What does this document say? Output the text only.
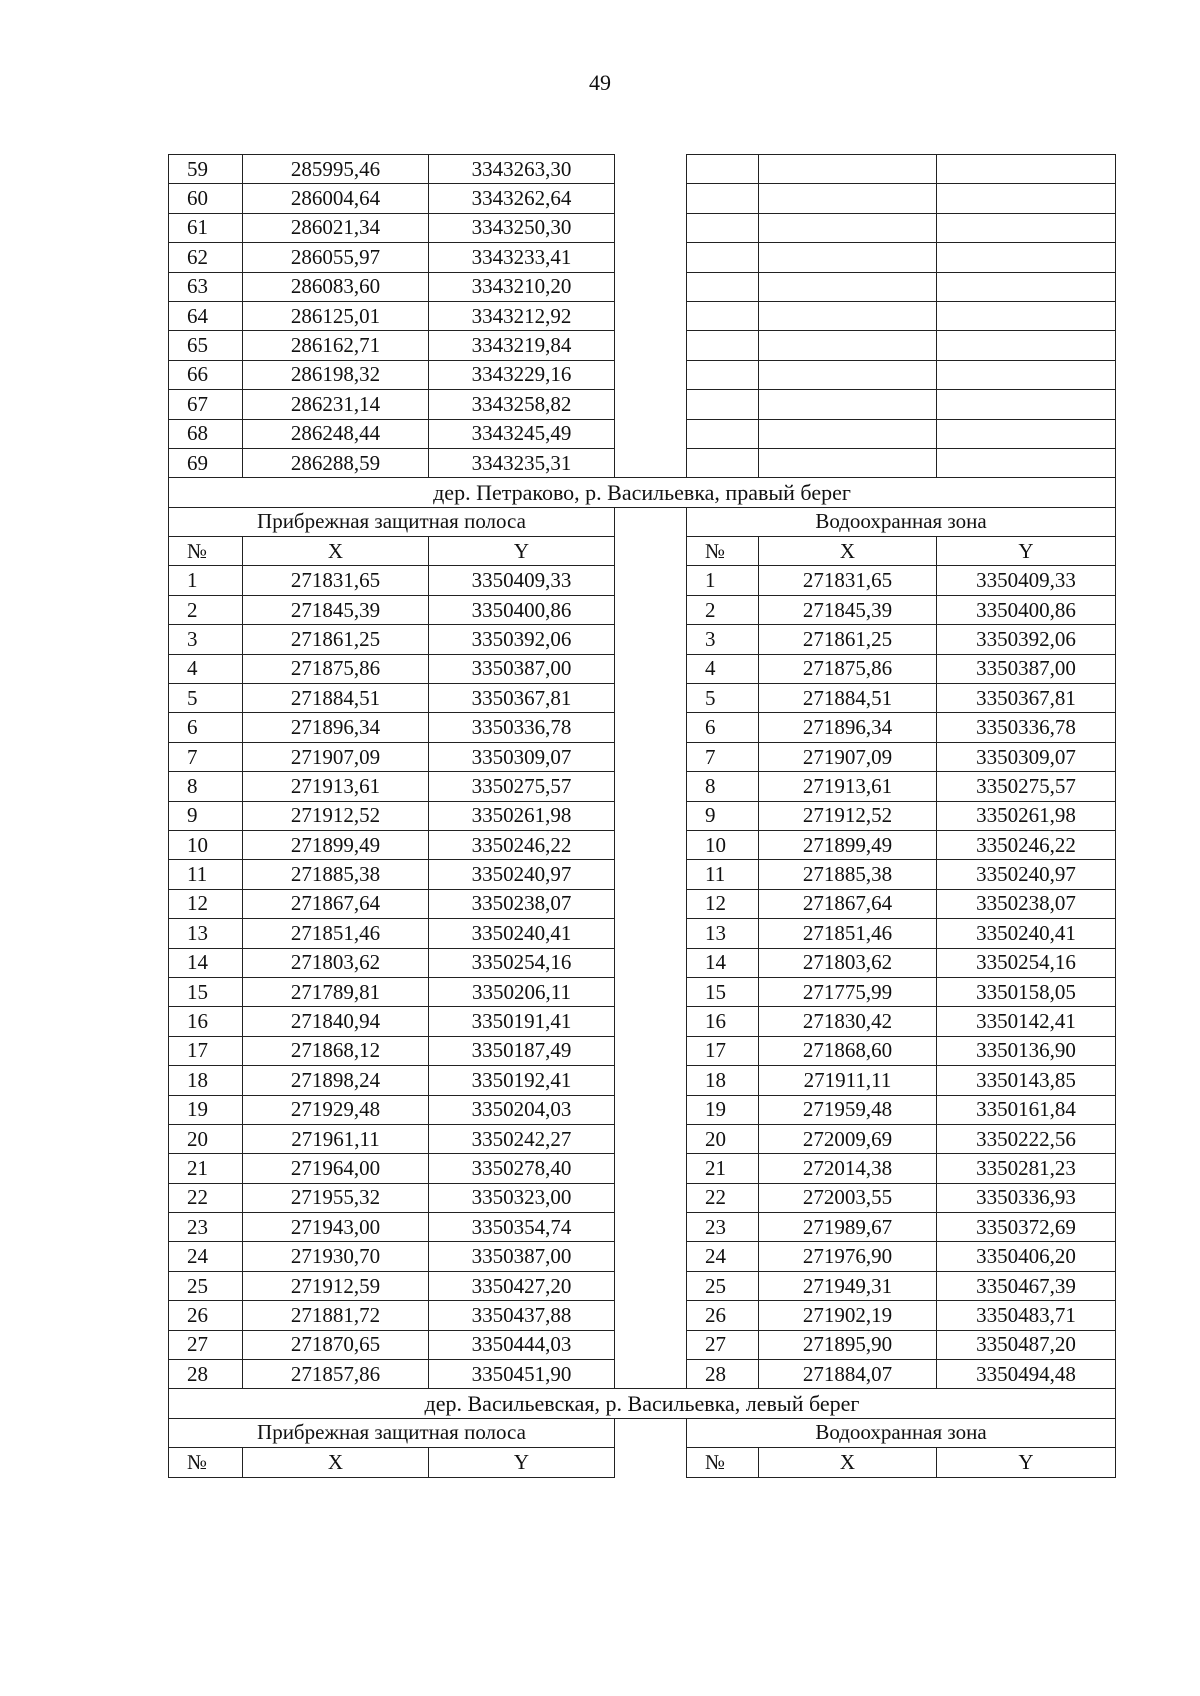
49
59	285995,46	3343263,30				
60	286004,64	3343262,64				
61	286021,34	3343250,30				
62	286055,97	3343233,41				
63	286083,60	3343210,20				
64	286125,01	3343212,92				
65	286162,71	3343219,84				
66	286198,32	3343229,16				
67	286231,14	3343258,82				
68	286248,44	3343245,49				
69	286288,59	3343235,31				
дер. Петраково, р. Васильевка, правый берег						
Прибрежная защитная полоса				Водоохранная зона		
№	X	Y		№	X	Y
1	271831,65	3350409,33		1	271831,65	3350409,33
2	271845,39	3350400,86		2	271845,39	3350400,86
3	271861,25	3350392,06		3	271861,25	3350392,06
4	271875,86	3350387,00		4	271875,86	3350387,00
5	271884,51	3350367,81		5	271884,51	3350367,81
6	271896,34	3350336,78		6	271896,34	3350336,78
7	271907,09	3350309,07		7	271907,09	3350309,07
8	271913,61	3350275,57		8	271913,61	3350275,57
9	271912,52	3350261,98		9	271912,52	3350261,98
10	271899,49	3350246,22		10	271899,49	3350246,22
11	271885,38	3350240,97		11	271885,38	3350240,97
12	271867,64	3350238,07		12	271867,64	3350238,07
13	271851,46	3350240,41		13	271851,46	3350240,41
14	271803,62	3350254,16		14	271803,62	3350254,16
15	271789,81	3350206,11		15	271775,99	3350158,05
16	271840,94	3350191,41		16	271830,42	3350142,41
17	271868,12	3350187,49		17	271868,60	3350136,90
18	271898,24	3350192,41		18	271911,11	3350143,85
19	271929,48	3350204,03		19	271959,48	3350161,84
20	271961,11	3350242,27		20	272009,69	3350222,56
21	271964,00	3350278,40		21	272014,38	3350281,23
22	271955,32	3350323,00		22	272003,55	3350336,93
23	271943,00	3350354,74		23	271989,67	3350372,69
24	271930,70	3350387,00		24	271976,90	3350406,20
25	271912,59	3350427,20		25	271949,31	3350467,39
26	271881,72	3350437,88		26	271902,19	3350483,71
27	271870,65	3350444,03		27	271895,90	3350487,20
28	271857,86	3350451,90		28	271884,07	3350494,48
дер. Васильевская, р. Васильевка, левый берег						
Прибрежная защитная полоса				Водоохранная зона		
№	X	Y		№	X	Y
